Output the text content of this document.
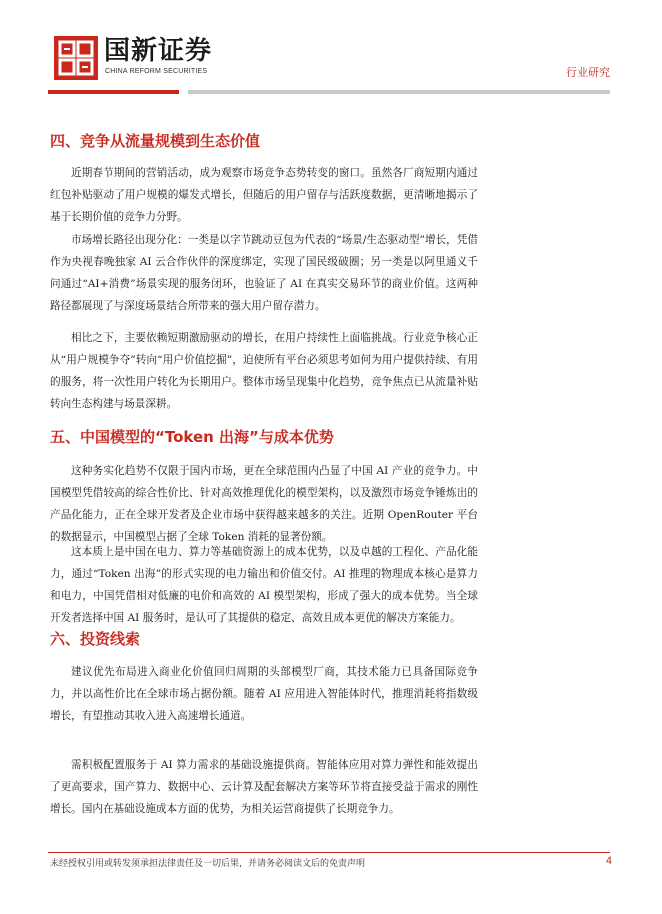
国新证券
CHINA REFORM SECURITIES	行业研究
四、竞争从流量规模到生态价值
近期春节期间的营销活动，成为观察市场竞争态势转变的窗口。虽然各厂商短期内通过红包补贴驱动了用户规模的爆发式增长，但随后的用户留存与活跃度数据，更清晰地揭示了基于长期价值的竞争力分野。
市场增长路径出现分化：一类是以字节跳动豆包为代表的“场景/生态驱动型”增长，凭借作为央视春晚独家 AI 云合作伙伴的深度绑定，实现了国民级破圈；另一类是以阿里通义千问通过“AI+消费”场景实现的服务闭环，也验证了 AI 在真实交易环节的商业价值。这两种路径都展现了与深度场景结合所带来的强大用户留存潜力。
相比之下，主要依赖短期激励驱动的增长，在用户持续性上面临挑战。行业竞争核心正从“用户规模争夺”转向“用户价值挖掘”，迫使所有平台必须思考如何为用户提供持续、有用的服务，将一次性用户转化为长期用户。整体市场呈现集中化趋势，竞争焦点已从流量补贴转向生态构建与场景深耕。
五、中国模型的“Token 出海”与成本优势
这种务实化趋势不仅限于国内市场，更在全球范围内凸显了中国 AI 产业的竞争力。中国模型凭借较高的综合性价比、针对高效推理优化的模型架构，以及激烈市场竞争锤炼出的产品化能力，正在全球开发者及企业市场中获得越来越多的关注。近期 OpenRouter 平台的数据显示，中国模型占据了全球 Token 消耗的显著份额。
这本质上是中国在电力、算力等基础资源上的成本优势，以及卓越的工程化、产品化能力，通过“Token 出海”的形式实现的电力输出和价值交付。AI 推理的物理成本核心是算力和电力，中国凭借相对低廉的电价和高效的 AI 模型架构，形成了强大的成本优势。当全球开发者选择中国 AI 服务时，是认可了其提供的稳定、高效且成本更优的解决方案能力。
六、投资线索
建议优先布局进入商业化价值回归周期的头部模型厂商，其技术能力已具备国际竞争力，并以高性价比在全球市场占据份额。随着 AI 应用进入智能体时代，推理消耗将指数级增长，有望推动其收入进入高速增长通道。
需积极配置服务于 AI 算力需求的基础设施提供商。智能体应用对算力弹性和能效提出了更高要求，国产算力、数据中心、云计算及配套解决方案等环节将直接受益于需求的刚性增长。国内在基础设施成本方面的优势，为相关运营商提供了长期竞争力。
未经授权引用或转发须承担法律责任及一切后果，并请务必阅读文后的免责声明	4
